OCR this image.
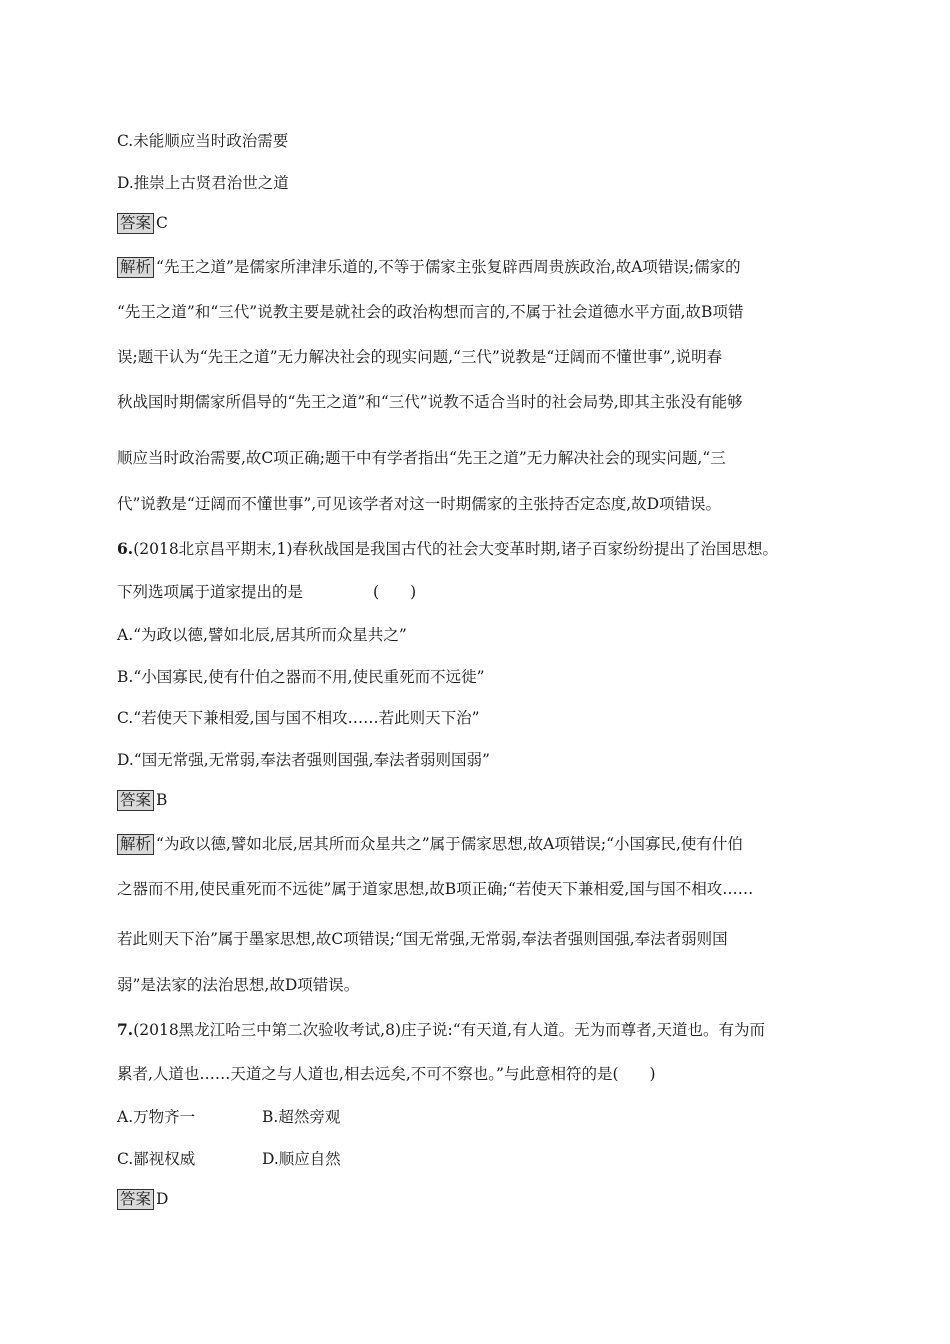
C.未能顺应当时政治需要
D.推崇上古贤君治世之道
答案 C
解析 “先王之道”是儒家所津津乐道的,不等于儒家主张复辟西周贵族政治,故A项错误;儒家的
“先王之道”和“三代”说教主要是就社会的政治构想而言的,不属于社会道德水平方面,故B项错
误;题干认为“先王之道”无力解决社会的现实问题,“三代”说教是“迂阔而不懂世事”,说明春
秋战国时期儒家所倡导的“先王之道”和“三代”说教不适合当时的社会局势,即其主张没有能够
顺应当时政治需要,故C项正确;题干中有学者指出“先王之道”无力解决社会的现实问题,“三
代”说教是“迂阔而不懂世事”,可见该学者对这一时期儒家的主张持否定态度,故D项错误。
6.(2018北京昌平期末,1)春秋战国是我国古代的社会大变革时期,诸子百家纷纷提出了治国思想。
下列选项属于道家提出的是	(　　)
A.“为政以德,譬如北辰,居其所而众星共之”
B.“小国寡民,使有什伯之器而不用,使民重死而不远徙”
C.“若使天下兼相爱,国与国不相攻……若此则天下治”
D.“国无常强,无常弱,奉法者强则国强,奉法者弱则国弱”
答案 B
解析 “为政以德,譬如北辰,居其所而众星共之”属于儒家思想,故A项错误;“小国寡民,使有什伯
之器而不用,使民重死而不远徙”属于道家思想,故B项正确;“若使天下兼相爱,国与国不相攻……
若此则天下治”属于墨家思想,故C项错误;“国无常强,无常弱,奉法者强则国强,奉法者弱则国
弱”是法家的法治思想,故D项错误。
7.(2018黑龙江哈三中第二次验收考试,8)庄子说:“有天道,有人道。无为而尊者,天道也。有为而
累者,人道也……天道之与人道也,相去远矣,不可不察也。”与此意相符的是(　　)
A.万物齐一	B.超然旁观
C.鄙视权威	D.顺应自然
答案 D
